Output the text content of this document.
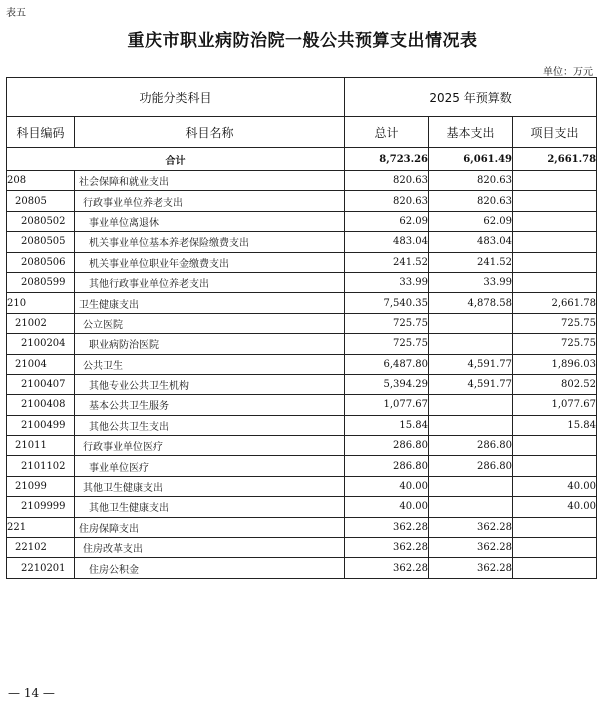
表五
重庆市职业病防治院一般公共预算支出情况表
单位：万元
功能分类科目		2025 年预算数		
科目编码	科目名称	总计	基本支出	项目支出
合计		8,723.26	6,061.49	2,661.78
208	社会保障和就业支出	820.63	820.63	
20805	行政事业单位养老支出	820.63	820.63	
2080502	事业单位离退休	62.09	62.09	
2080505	机关事业单位基本养老保险缴费支出	483.04	483.04	
2080506	机关事业单位职业年金缴费支出	241.52	241.52	
2080599	其他行政事业单位养老支出	33.99	33.99	
210	卫生健康支出	7,540.35	4,878.58	2,661.78
21002	公立医院	725.75		725.75
2100204	职业病防治医院	725.75		725.75
21004	公共卫生	6,487.80	4,591.77	1,896.03
2100407	其他专业公共卫生机构	5,394.29	4,591.77	802.52
2100408	基本公共卫生服务	1,077.67		1,077.67
2100499	其他公共卫生支出	15.84		15.84
21011	行政事业单位医疗	286.80	286.80	
2101102	事业单位医疗	286.80	286.80	
21099	其他卫生健康支出	40.00		40.00
2109999	其他卫生健康支出	40.00		40.00
221	住房保障支出	362.28	362.28	
22102	住房改革支出	362.28	362.28	
2210201	住房公积金	362.28	362.28	
— 14 —
